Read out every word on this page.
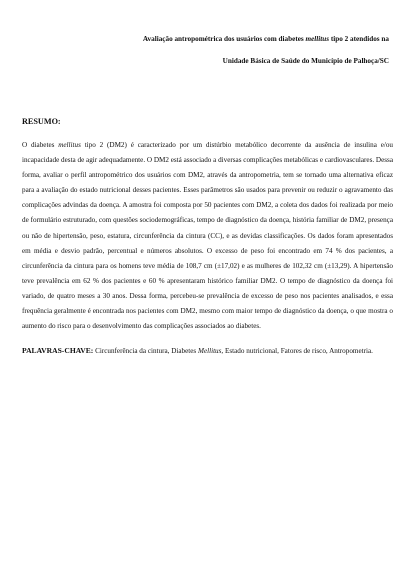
Avaliação antropométrica dos usuários com diabetes mellitus tipo 2 atendidos na
Unidade Básica de Saúde do Município de Palhoça/SC
RESUMO:

O diabetes mellitus tipo 2 (DM2) é caracterizado por um distúrbio metabólico decorrente da ausência de insulina e/ou incapacidade desta de agir adequadamente. O DM2 está associado a diversas complicações metabólicas e cardiovasculares. Dessa forma, avaliar o perfil antropométrico dos usuários com DM2, através da antropometria, tem se tornado uma alternativa eficaz para a avaliação do estado nutricional desses pacientes. Esses parâmetros são usados para prevenir ou reduzir o agravamento das complicações advindas da doença. A amostra foi composta por 50 pacientes com DM2, a coleta dos dados foi realizada por meio de formulário estruturado, com questões sociodemográficas, tempo de diagnóstico da doença, história familiar de DM2, presença ou não de hipertensão, peso, estatura, circunferência da cintura (CC), e as devidas classificações. Os dados foram apresentados em média e desvio padrão, percentual e números absolutos. O excesso de peso foi encontrado em 74 % dos pacientes, a circunferência da cintura para os homens teve média de 108,7 cm (±17,02) e as mulheres de 102,32 cm (±13,29). A hipertensão teve prevalência em 62 % dos pacientes e 60 % apresentaram histórico familiar DM2. O tempo de diagnóstico da doença foi variado, de quatro meses a 30 anos. Dessa forma, percebeu-se prevalência de excesso de peso nos pacientes analisados, e essa frequência geralmente é encontrada nos pacientes com DM2, mesmo com maior tempo de diagnóstico da doença, o que mostra o aumento do risco para o desenvolvimento das complicações associados ao diabetes.

PALAVRAS-CHAVE: Circunferência da cintura, Diabetes Mellitus, Estado nutricional, Fatores de risco, Antropometria.
